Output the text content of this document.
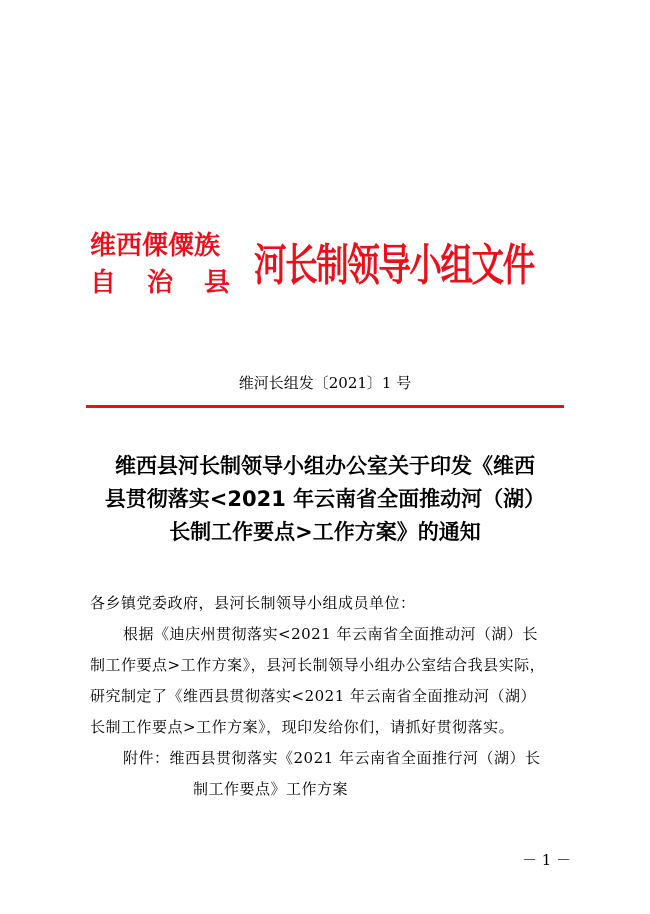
维西傈僳族
自 治 县 河长制领导小组文件
维河长组发〔2021〕1 号
维西县河长制领导小组办公室关于印发《维西
县贯彻落实<2021 年云南省全面推动河（湖）
长制工作要点>工作方案》的通知
各乡镇党委政府，县河长制领导小组成员单位：
根据《迪庆州贯彻落实<2021 年云南省全面推动河（湖）长
制工作要点>工作方案》，县河长制领导小组办公室结合我县实际，
研究制定了《维西县贯彻落实<2021 年云南省全面推动河（湖）
长制工作要点>工作方案》，现印发给你们，请抓好贯彻落实。
附件：维西县贯彻落实《2021 年云南省全面推行河（湖）长
制工作要点》工作方案
－ 1 －
